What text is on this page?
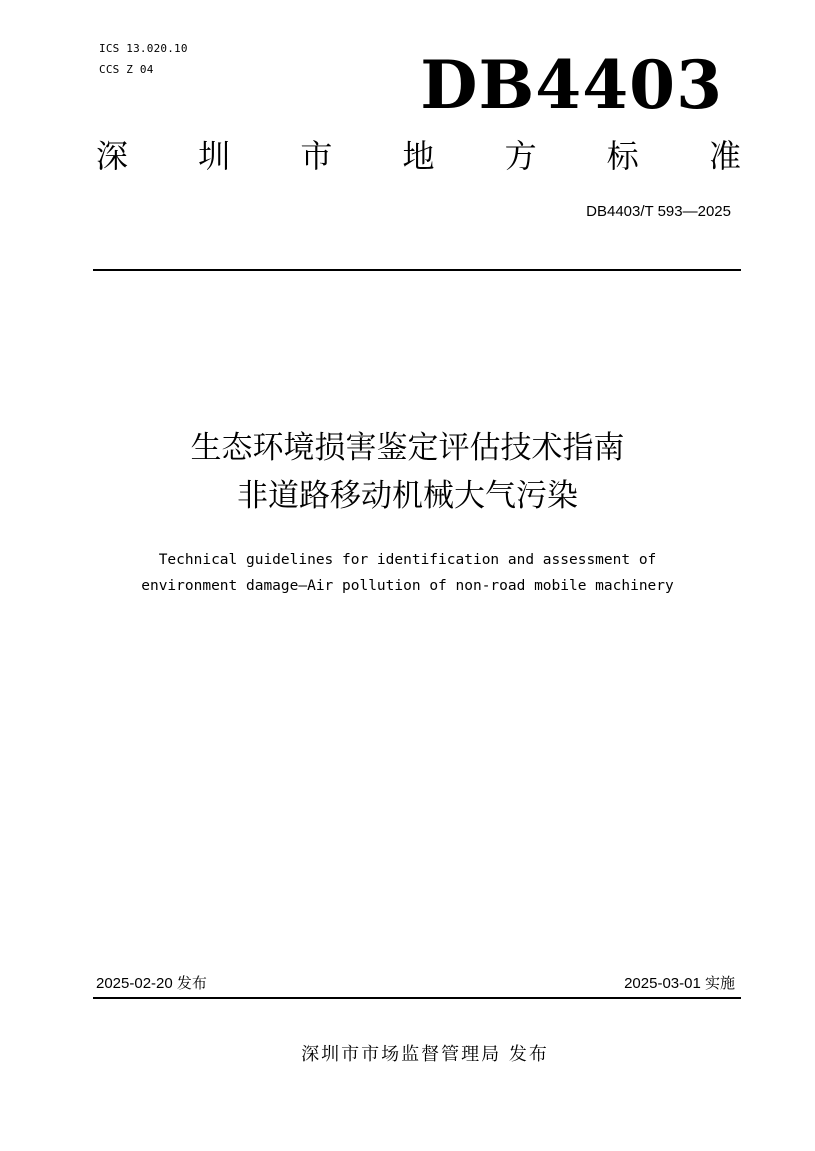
ICS 13.020.10
CCS Z 04	DB4403
深 圳 市 地 方 标 准
DB4403/T 593—2025
生态环境损害鉴定评估技术指南
非道路移动机械大气污染
Technical guidelines for identification and assessment of
environment damage—Air pollution of non-road mobile machinery
2025-02-20 发布	2025-03-01 实施
深圳市市场监督管理局 发布
